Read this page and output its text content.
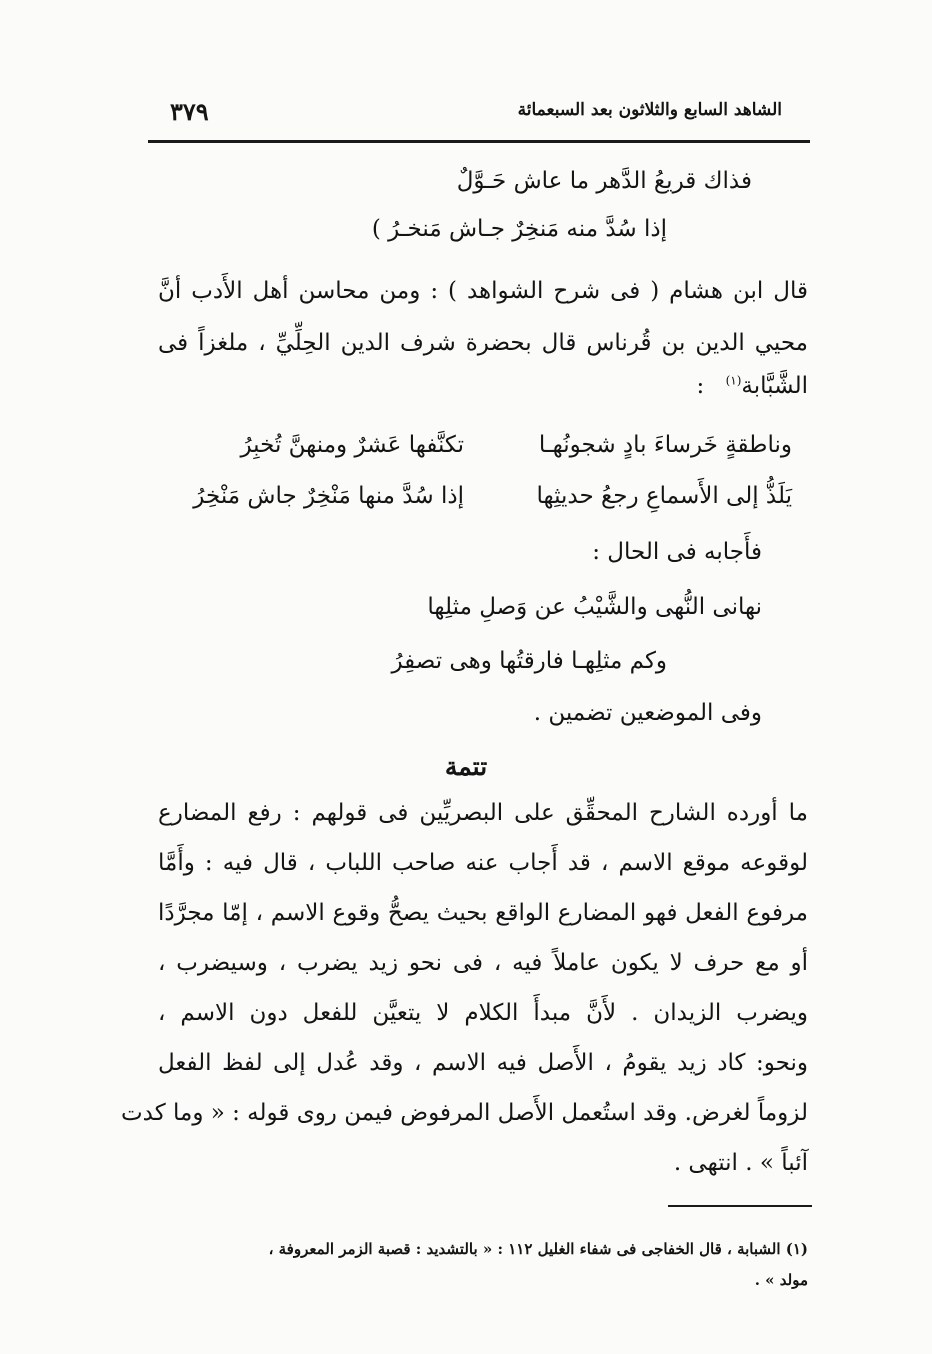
الشاهد السابع والثلاثون بعد السبعمائة
٣٧٩
فذاك قريعُ الدَّهر ما عاش حَـوَّلٌ
إذا سُدَّ منه مَنخِرٌ جـاش مَنخـرُ )
قال ابن هشام ( فى شرح الشواهد ) : ومن محاسن أهل الأَدب أنَّ
محيي الدين بن قُرناس قال بحضرة شرف الدين الحِلِّيِّ ، ملغزاً فى
الشَّبَّابة$^{(١)}$ :
وناطقةٍ خَرساءَ بادٍ شجونُهـا
تكنَّفها عَشرٌ ومنهنَّ تُخبِرُ
يَلَذُّ إلى الأَسماعِ رجعُ حديثِها
إذا سُدَّ منها مَنْخِرٌ جاش مَنْخِرُ
فأَجابه فى الحال :
نهانى النُّهى والشَّيْبُ عن وَصلِ مثلِها
وكم مثلِهـا فارقتُها وهى تصفِرُ
وفى الموضعين تضمين .
تتمة
ما أورده الشارح المحقِّق على البصريِّين فى قولهم : رفع المضارع
لوقوعه موقع الاسم ، قد أَجاب عنه صاحب اللباب ، قال فيه : وأَمَّا
مرفوع الفعل فهو المضارع الواقع بحيث يصحُّ وقوع الاسم ، إمّا مجرَّدًا
أو مع حرف لا يكون عاملاً فيه ، فى نحو زيد يضرب ، وسيضرب ،
ويضرب الزيدان . لأَنَّ مبدأَ الكلام لا يتعيَّن للفعل دون الاسم ،
ونحو: كاد زيد يقومُ ، الأَصل فيه الاسم ، وقد عُدل إلى لفظ الفعل
لزوماً لغرض. وقد استُعمل الأَصل المرفوض فيمن روى قوله : « وما كدت
آئباً » . انتهى .
(١) الشبابة ، قال الخفاجى فى شفاء الغليل ١١٢ : « بالتشديد : قصبة الزمر المعروفة ،
مولد » .
